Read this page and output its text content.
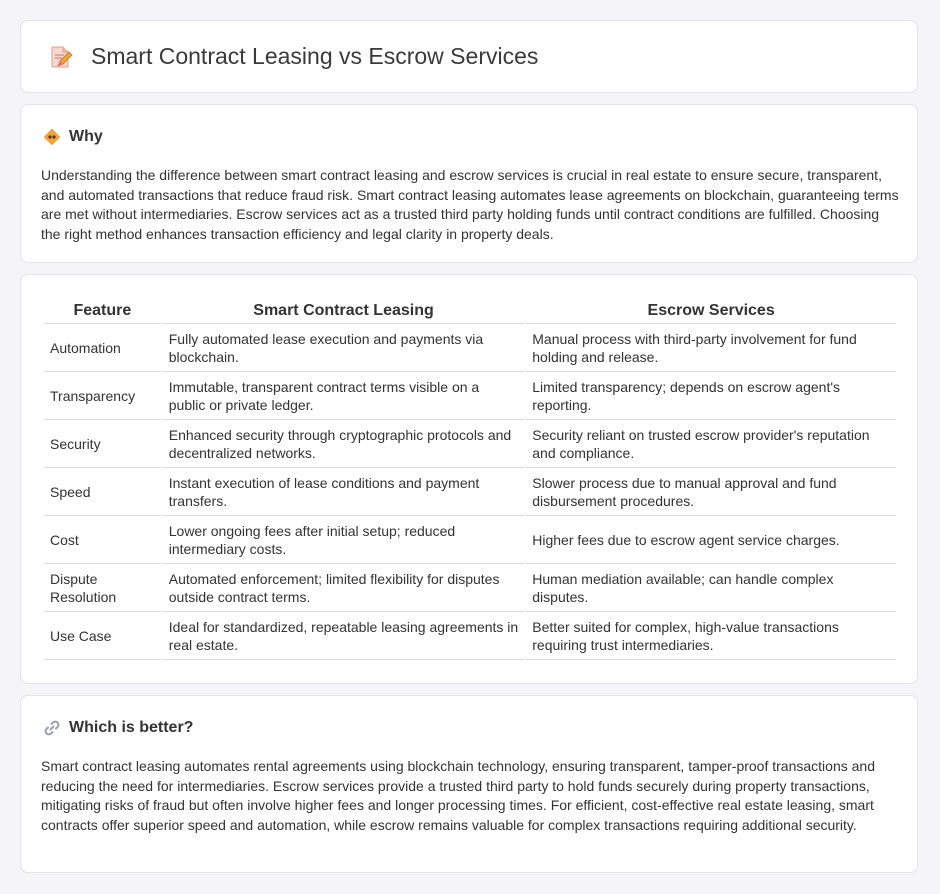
Smart Contract Leasing vs Escrow Services
Why
Understanding the difference between smart contract leasing and escrow services is crucial in real estate to ensure secure, transparent, and automated transactions that reduce fraud risk. Smart contract leasing automates lease agreements on blockchain, guaranteeing terms are met without intermediaries. Escrow services act as a trusted third party holding funds until contract conditions are fulfilled. Choosing the right method enhances transaction efficiency and legal clarity in property deals.
Feature	Smart Contract Leasing	Escrow Services
Automation	Fully automated lease execution and payments via blockchain.	Manual process with third-party involvement for fund holding and release.
Transparency	Immutable, transparent contract terms visible on a public or private ledger.	Limited transparency; depends on escrow agent's reporting.
Security	Enhanced security through cryptographic protocols and decentralized networks.	Security reliant on trusted escrow provider's reputation and compliance.
Speed	Instant execution of lease conditions and payment transfers.	Slower process due to manual approval and fund disbursement procedures.
Cost	Lower ongoing fees after initial setup; reduced intermediary costs.	Higher fees due to escrow agent service charges.
Dispute Resolution	Automated enforcement; limited flexibility for disputes outside contract terms.	Human mediation available; can handle complex disputes.
Use Case	Ideal for standardized, repeatable leasing agreements in real estate.	Better suited for complex, high-value transactions requiring trust intermediaries.
Which is better?
Smart contract leasing automates rental agreements using blockchain technology, ensuring transparent, tamper-proof transactions and reducing the need for intermediaries. Escrow services provide a trusted third party to hold funds securely during property transactions, mitigating risks of fraud but often involve higher fees and longer processing times. For efficient, cost-effective real estate leasing, smart contracts offer superior speed and automation, while escrow remains valuable for complex transactions requiring additional security.
